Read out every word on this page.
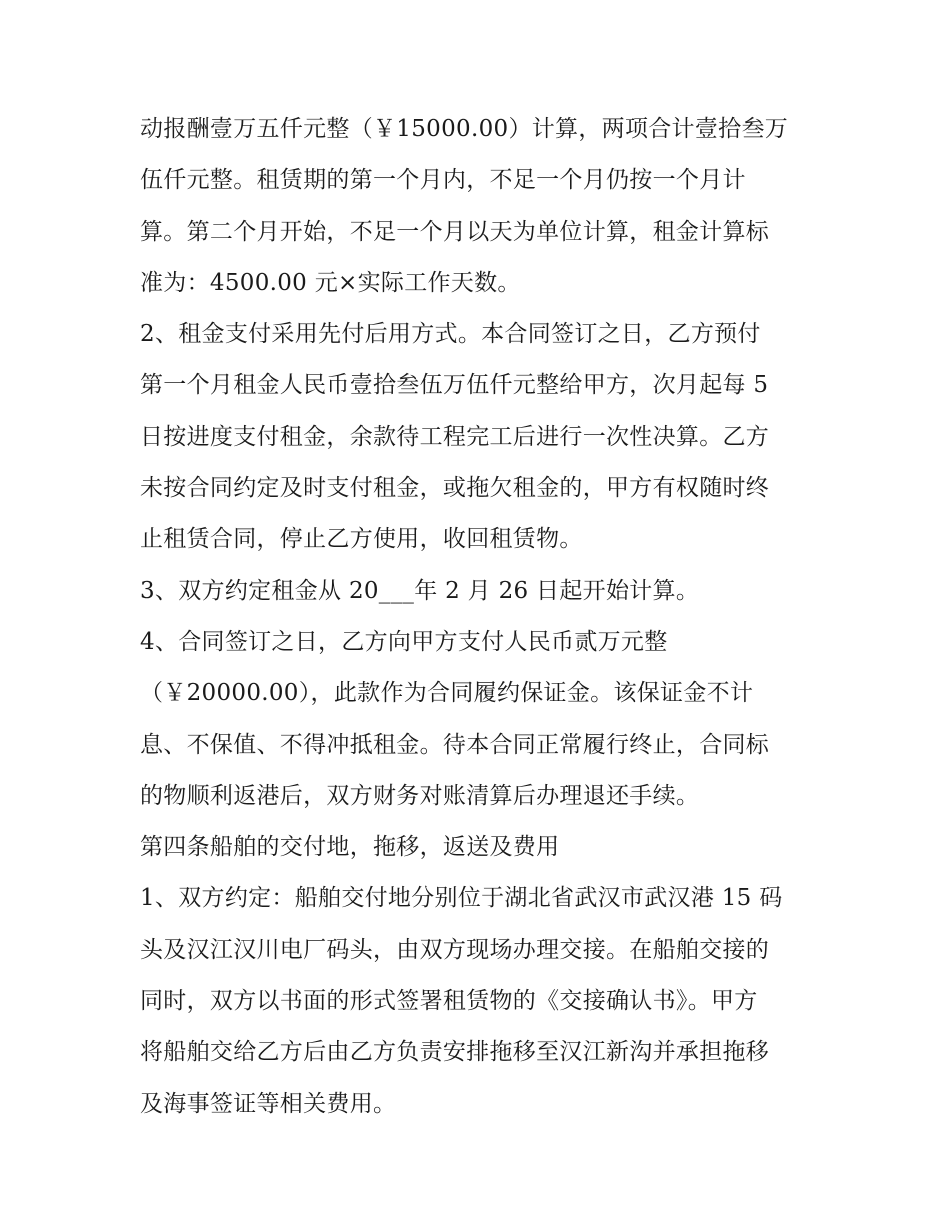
动报酬壹万五仟元整（￥15000.00）计算，两项合计壹拾叁万
伍仟元整。租赁期的第一个月内，不足一个月仍按一个月计
算。第二个月开始，不足一个月以天为单位计算，租金计算标
准为：4500.00 元×实际工作天数。
2、租金支付采用先付后用方式。本合同签订之日，乙方预付
第一个月租金人民币壹拾叁伍万伍仟元整给甲方，次月起每 5
日按进度支付租金，余款待工程完工后进行一次性决算。乙方
未按合同约定及时支付租金，或拖欠租金的，甲方有权随时终
止租赁合同，停止乙方使用，收回租赁物。
3、双方约定租金从 20___年 2 月 26 日起开始计算。
4、合同签订之日，乙方向甲方支付人民币贰万元整
（￥20000.00），此款作为合同履约保证金。该保证金不计
息、不保值、不得冲抵租金。待本合同正常履行终止，合同标
的物顺利返港后，双方财务对账清算后办理退还手续。
第四条船舶的交付地，拖移，返送及费用
1、双方约定：船舶交付地分别位于湖北省武汉市武汉港 15 码
头及汉江汉川电厂码头，由双方现场办理交接。在船舶交接的
同时，双方以书面的形式签署租赁物的《交接确认书》。甲方
将船舶交给乙方后由乙方负责安排拖移至汉江新沟并承担拖移
及海事签证等相关费用。
